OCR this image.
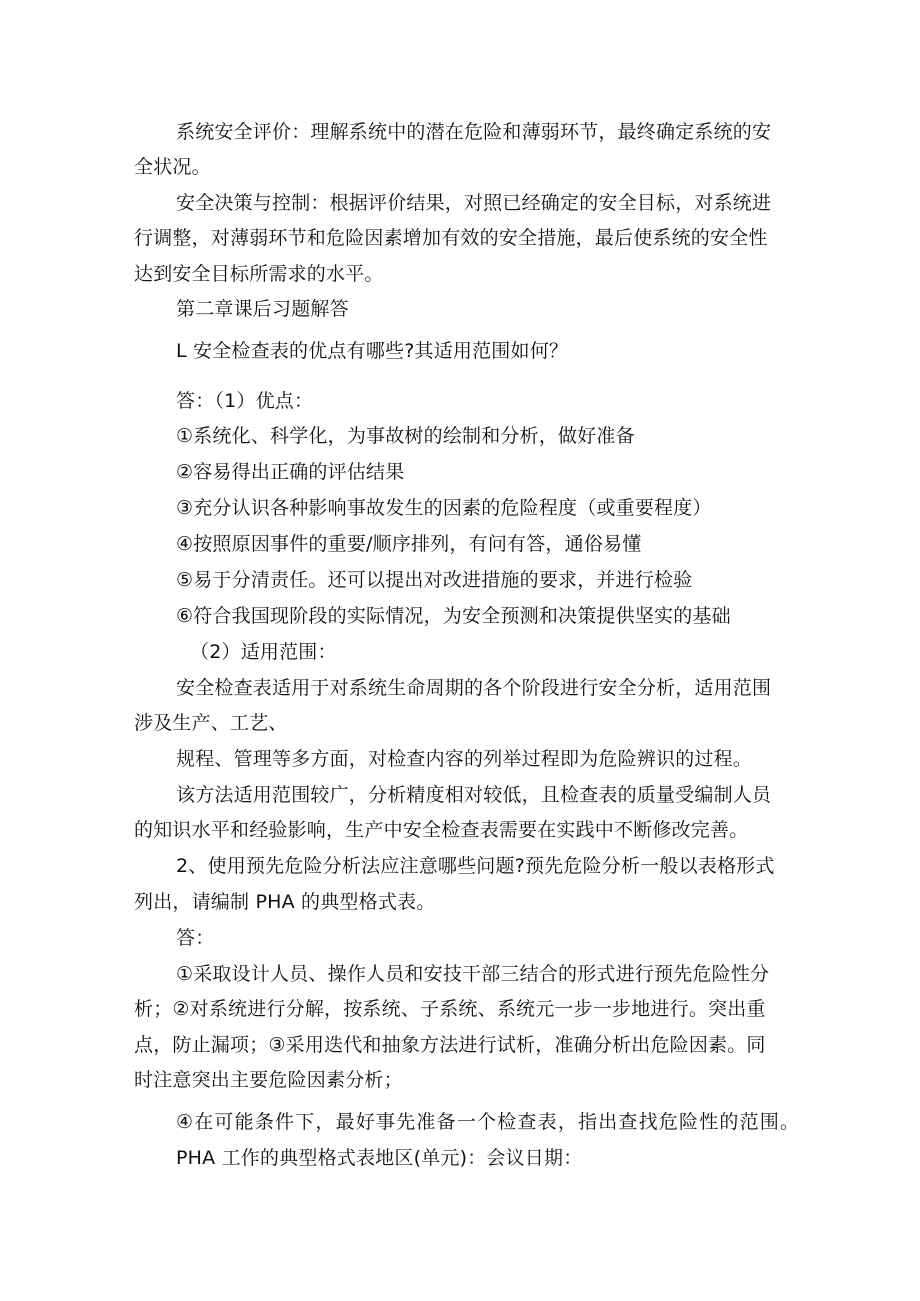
系统安全评价：理解系统中的潜在危险和薄弱环节，最终确定系统的安
全状况。
安全决策与控制：根据评价结果，对照已经确定的安全目标，对系统进
行调整，对薄弱环节和危险因素增加有效的安全措施，最后使系统的安全性
达到安全目标所需求的水平。
第二章课后习题解答
L 安全检查表的优点有哪些?其适用范围如何？
答：（1）优点：
①系统化、科学化，为事故树的绘制和分析，做好准备
②容易得出正确的评估结果
③充分认识各种影响事故发生的因素的危险程度（或重要程度）
④按照原因事件的重要/顺序排列，有问有答，通俗易懂
⑤易于分清责任。还可以提出对改进措施的要求，并进行检验
⑥符合我国现阶段的实际情况，为安全预测和决策提供坚实的基础
（2）适用范围：
安全检查表适用于对系统生命周期的各个阶段进行安全分析，适用范围
涉及生产、工艺、
规程、管理等多方面，对检查内容的列举过程即为危险辨识的过程。
该方法适用范围较广，分析精度相对较低，且检查表的质量受编制人员
的知识水平和经验影响，生产中安全检查表需要在实践中不断修改完善。
2、使用预先危险分析法应注意哪些问题?预先危险分析一般以表格形式
列出，请编制 PHA 的典型格式表。
答：
①采取设计人员、操作人员和安技干部三结合的形式进行预先危险性分
析；②对系统进行分解，按系统、子系统、系统元一步一步地进行。突出重
点，防止漏项；③采用迭代和抽象方法进行试析，准确分析出危险因素。同
时注意突出主要危险因素分析；
④在可能条件下，最好事先准备一个检查表，指出查找危险性的范围。
PHA 工作的典型格式表地区(单元)：会议日期：
